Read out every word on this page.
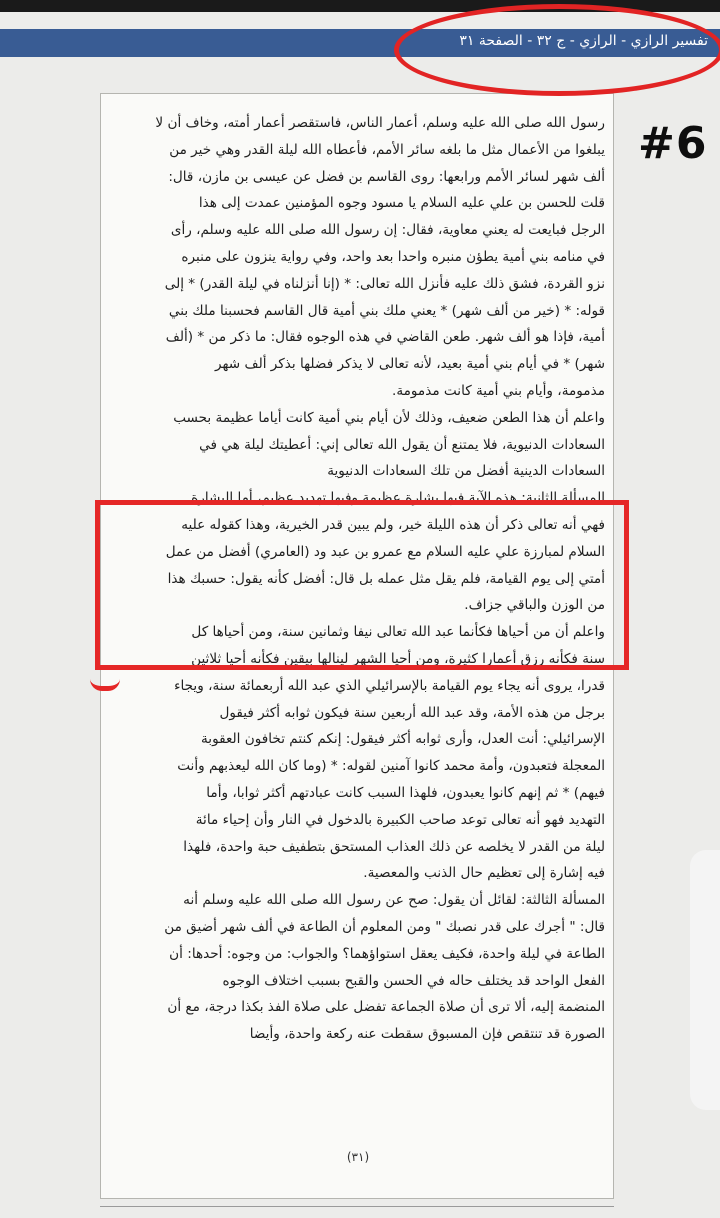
تفسير الرازي - الرازي - ج ٣٢ - الصفحة ٣١
رسول الله صلى الله عليه وسلم، أعمار الناس، فاستقصر أعمار أمته، وخاف أن لا
يبلغوا من الأعمال مثل ما بلغه سائر الأمم، فأعطاه الله ليلة القدر وهي خير من
ألف شهر لسائر الأمم ورابعها: روى القاسم بن فضل عن عيسى بن مازن، قال:
قلت للحسن بن علي عليه السلام يا مسود وجوه المؤمنين عمدت إلى هذا
الرجل فبايعت له يعني معاوية، فقال: إن رسول الله صلى الله عليه وسلم، رأى
في منامه بني أمية يطؤن منبره واحدا بعد واحد، وفي رواية ينزون على منبره
نزو القردة، فشق ذلك عليه فأنزل الله تعالى: * (إنا أنزلناه في ليلة القدر) * إلى
قوله: * (خير من ألف شهر) * يعني ملك بني أمية قال القاسم فحسبنا ملك بني
أمية، فإذا هو ألف شهر. طعن القاضي في هذه الوجوه فقال: ما ذكر من * (ألف
شهر) * في أيام بني أمية بعيد، لأنه تعالى لا يذكر فضلها بذكر ألف شهر
مذمومة، وأيام بني أمية كانت مذمومة.
واعلم أن هذا الطعن ضعيف، وذلك لأن أيام بني أمية كانت أياما عظيمة بحسب
السعادات الدنيوية، فلا يمتنع أن يقول الله تعالى إني: أعطيتك ليلة هي في
السعادات الدينية أفضل من تلك السعادات الدنيوية
المسألة الثانية: هذه الآية فيها بشارة عظيمة وفيها تهديد عظيم، أما البشارة
فهي أنه تعالى ذكر أن هذه الليلة خير، ولم يبين قدر الخيرية، وهذا كقوله عليه
السلام لمبارزة علي عليه السلام مع عمرو بن عبد ود (العامري) أفضل من عمل
أمتي إلى يوم القيامة، فلم يقل مثل عمله بل قال: أفضل كأنه يقول: حسبك هذا
من الوزن والباقي جزاف.
واعلم أن من أحياها فكأنما عبد الله تعالى نيفا وثمانين سنة، ومن أحياها كل
سنة فكأنه رزق أعمارا كثيرة، ومن أحيا الشهر لينالها بيقين فكأنه أحيا ثلاثين
قدرا، يروى أنه يجاء يوم القيامة بالإسرائيلي الذي عبد الله أربعمائة سنة، ويجاء
برجل من هذه الأمة، وقد عبد الله أربعين سنة فيكون ثوابه أكثر فيقول
الإسرائيلي: أنت العدل، وأرى ثوابه أكثر فيقول: إنكم كنتم تخافون العقوبة
المعجلة فتعبدون، وأمة محمد كانوا آمنين لقوله: * (وما كان الله ليعذبهم وأنت
فيهم) * ثم إنهم كانوا يعبدون، فلهذا السبب كانت عبادتهم أكثر ثوابا، وأما
التهديد فهو أنه تعالى توعد صاحب الكبيرة بالدخول في النار وأن إحياء مائة
ليلة من القدر لا يخلصه عن ذلك العذاب المستحق بتطفيف حبة واحدة، فلهذا
فيه إشارة إلى تعظيم حال الذنب والمعصية.
المسألة الثالثة: لقائل أن يقول: صح عن رسول الله صلى الله عليه وسلم أنه
قال: " أجرك على قدر نصبك " ومن المعلوم أن الطاعة في ألف شهر أضيق من
الطاعة في ليلة واحدة، فكيف يعقل استواؤهما؟ والجواب: من وجوه: أحدها: أن
الفعل الواحد قد يختلف حاله في الحسن والقبح بسبب اختلاف الوجوه
المنضمة إليه، ألا ترى أن صلاة الجماعة تفضل على صلاة الفذ بكذا درجة، مع أن
الصورة قد تنتقص فإن المسبوق سقطت عنه ركعة واحدة، وأيضا
(٣١)
#6
